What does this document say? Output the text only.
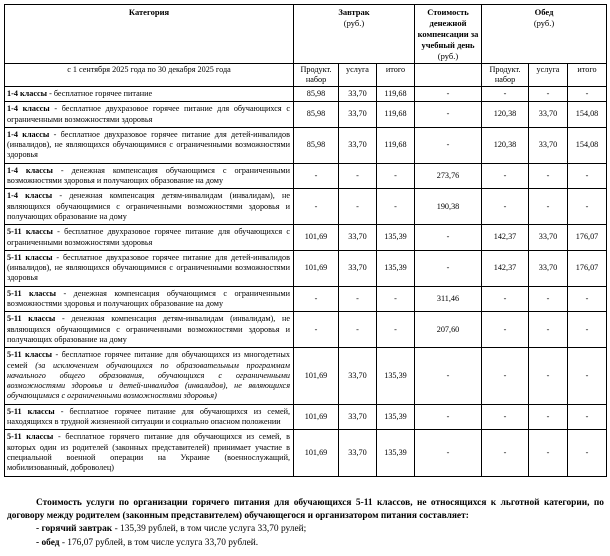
Категория	Завтрак
(руб.)
	Стоимость денежной компенсации за учебный день (руб.)	
Обед
(руб.)

с 1 сентября 2025 года по 30 декабря 2025 года	Продукт. набор	услуга	итого		Продукт. набор	услуга	итого
1-4 классы - бесплатное горячее питание	85,98	33,70	119,68	-	-	-	-
1-4 классы - бесплатное двухразовое горячее питание для обучающихся с ограниченными возможностями здоровья	85,98	33,70	119,68	-	120,38	33,70	154,08
1-4 классы - бесплатное двухразовое горячее питание для детей-инвалидов (инвалидов), не являющихся обучающимися с ограниченными возможностями здоровья	85,98	33,70	119,68	-	120,38	33,70	154,08
1-4 классы - денежная компенсация обучающимся с ограниченными возможностями здоровья и получающих образование на дому	-	-	-	273,76	-	-	-
1-4 классы - денежная компенсация детям-инвалидам (инвалидам), не являющихся обучающимися с ограниченными возможностями здоровья и получающих образование на дому	-	-	-	190,38	-	-	-
5-11 классы - бесплатное двухразовое горячее питание для обучающихся с ограниченными возможностями здоровья	101,69	33,70	135,39	-	142,37	33,70	176,07
5-11 классы - бесплатное двухразовое горячее питание для детей-инвалидов (инвалидов), не являющихся обучающимися с ограниченными возможностями здоровья	101,69	33,70	135,39	-	142,37	33,70	176,07
5-11 классы - денежная компенсация обучающимся с ограниченными возможностями здоровья и получающих образование на дому	-	-	-	311,46	-	-	-
5-11 классы - денежная компенсация детям-инвалидам (инвалидам), не являющихся обучающимися с ограниченными возможностями здоровья и получающих образование на дому	-	-	-	207,60	-	-	-
5-11 классы - бесплатное горячее питание для обучающихся из многодетных семей (за исключением обучающихся по образовательным программам начального общего образования, обучающихся с ограниченными возможностями здоровья и детей-инвалидов (инвалидов), не являющихся обучающимися с ограниченными возможностями здоровья)	101,69	33,70	135,39	-	-	-	-
5-11 классы - бесплатное горячее питание для обучающихся из семей, находящихся в трудной жизненной ситуации и социально опасном положении	101,69	33,70	135,39	-	-	-	-
5-11 классы - бесплатное горячего питание для обучающихся из семей, в которых один из родителей (законных представителей) принимает участие в специальной военной операции на Украине (военнослужащий, мобилизованный, доброволец)	101,69	33,70	135,39	-	-	-	-

Стоимость услуги по организации горячего питания для обучающихся 5-11 классов, не относящихся к льготной категории, по договору между родителем (законным представителем) обучающегося и организатором питания составляет:

- горячий завтрак - 135,39 рублей, в том числе услуга 33,70 рулей;

- обед - 176,07 рублей, в том числе услуга 33,70 рублей.
